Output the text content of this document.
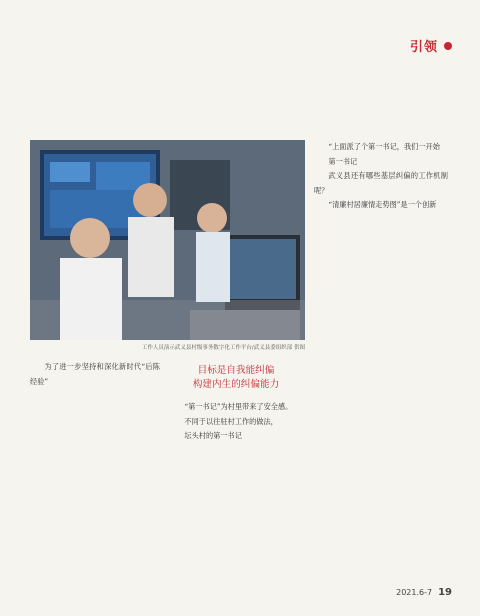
引领
工作人员演示武义县村级事务数字化工作平台/武义县委组织部 供图

为了进一步坚持和深化新时代“后陈经验”

目标是自我能纠偏
构建内生的纠偏能力

“第一书记”为村里带来了安全感。

不同于以往驻村工作的做法，

坛头村的第一书记

“上面派了个第一书记，我们一开始

第一书记

武义县还有哪些基层纠偏的工作机制呢？

“清廉村居廉情走势图”是一个创新

2021.6-7 19
